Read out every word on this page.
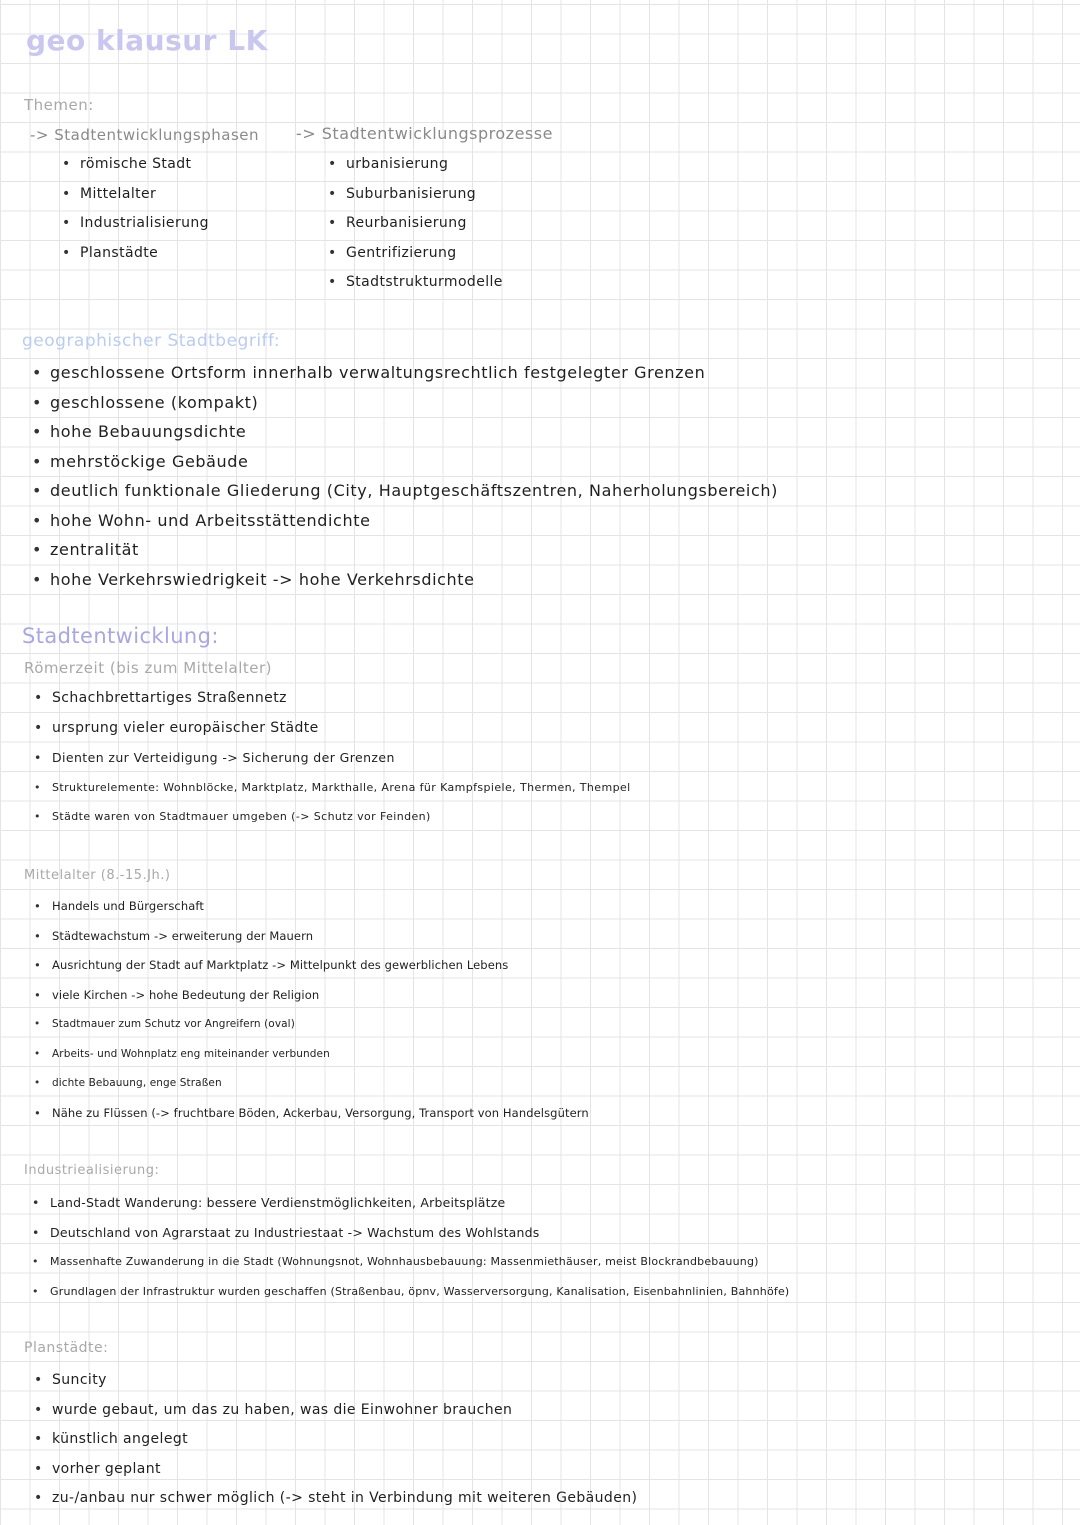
geo klausur LK
Themen:
-> Stadtentwicklungsphasen
• römische Stadt
• Mittelalter
• Industrialisierung
• Planstädte
-> Stadtentwicklungsprozesse
• urbanisierung
• Suburbanisierung
• Reurbanisierung
• Gentrifizierung
• Stadtstrukturmodelle
geographischer Stadtbegriff:
• geschlossene Ortsform innerhalb verwaltungsrechtlich festgelegter Grenzen
• geschlossene (kompakt)
• hohe Bebauungsdichte
• mehrstöckige Gebäude
• deutlich funktionale Gliederung (City, Hauptgeschäftszentren, Naherholungsbereich)
• hohe Wohn- und Arbeitsstättendichte
• zentralität
• hohe Verkehrswiedrigkeit -> hohe Verkehrsdichte
Stadtentwicklung:
Römerzeit (bis zum Mittelalter)
• Schachbrettartiges Straßennetz
• ursprung vieler europäischer Städte
• Dienten zur Verteidigung -> Sicherung der Grenzen
• Strukturelemente: Wohnblöcke, Marktplatz, Markthalle, Arena für Kampfspiele, Thermen, Thempel
• Städte waren von Stadtmauer umgeben (-> Schutz vor Feinden)
Mittelalter (8.-15.Jh.)
• Handels und Bürgerschaft
• Städtewachstum -> erweiterung der Mauern
• Ausrichtung der Stadt auf Marktplatz -> Mittelpunkt des gewerblichen Lebens
• viele Kirchen -> hohe Bedeutung der Religion
• Stadtmauer zum Schutz vor Angreifern (oval)
• Arbeits- und Wohnplatz eng miteinander verbunden
• dichte Bebauung, enge Straßen
• Nähe zu Flüssen (-> fruchtbare Böden, Ackerbau, Versorgung, Transport von Handelsgütern
Industriealisierung:
• Land-Stadt Wanderung: bessere Verdienstmöglichkeiten, Arbeitsplätze
• Deutschland von Agrarstaat zu Industriestaat -> Wachstum des Wohlstands
• Massenhafte Zuwanderung in die Stadt (Wohnungsnot, Wohnhausbebauung: Massenmiethäuser, meist Blockrandbebauung)
• Grundlagen der Infrastruktur wurden geschaffen (Straßenbau, öpnv, Wasserversorgung, Kanalisation, Eisenbahnlinien, Bahnhöfe)
Planstädte:
• Suncity
• wurde gebaut, um das zu haben, was die Einwohner brauchen
• künstlich angelegt
• vorher geplant
• zu-/anbau nur schwer möglich (-> steht in Verbindung mit weiteren Gebäuden)
